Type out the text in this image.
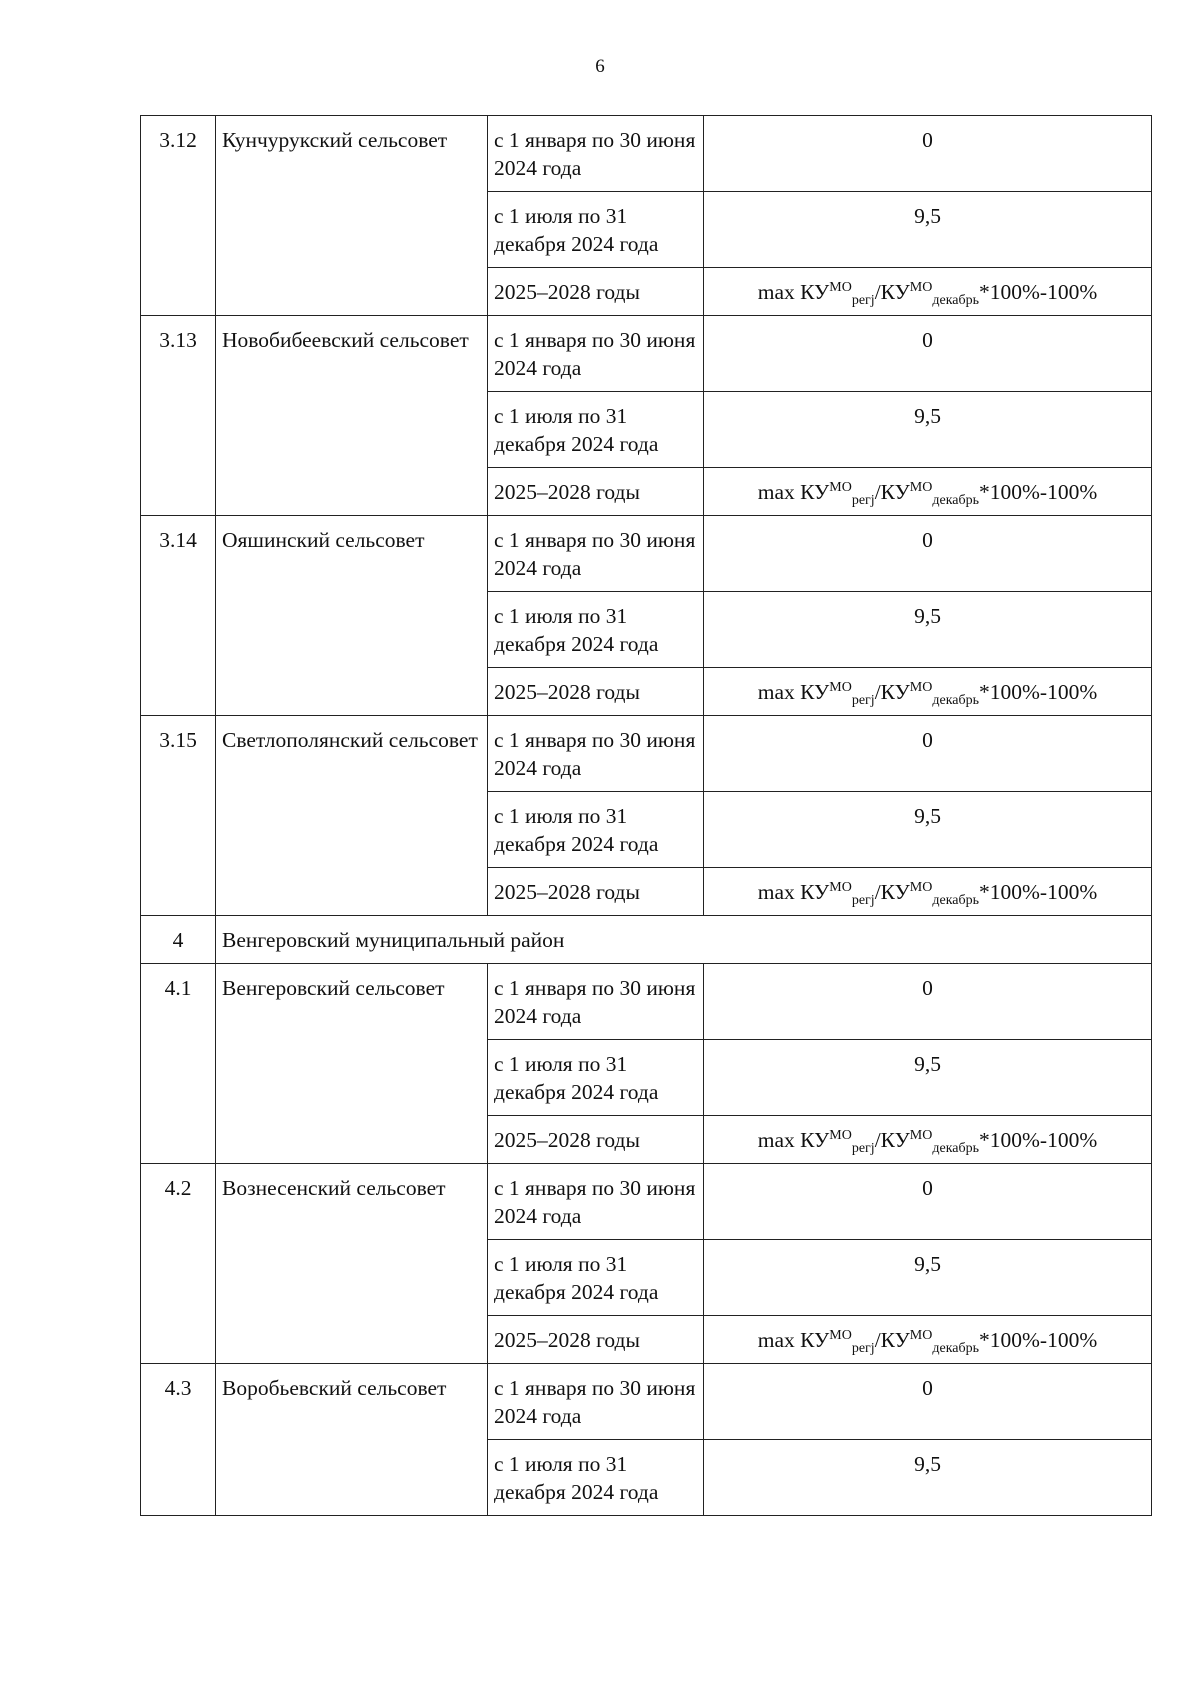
6
3.12	Кунчурукский сельсовет	с 1 января по 30 июня 2024 года	0
		с 1 июля по 31 декабря 2024 года	9,5
		2025–2028 годы	$\max КУ^{МО}_{регj}/КУ^{МО}_{декабрь}*100\%-100\%$
3.13	Новобибеевский сельсовет	с 1 января по 30 июня 2024 года	0
		с 1 июля по 31 декабря 2024 года	9,5
		2025–2028 годы	$\max КУ^{МО}_{регj}/КУ^{МО}_{декабрь}*100\%-100\%$
3.14	Ояшинский сельсовет	с 1 января по 30 июня 2024 года	0
		с 1 июля по 31 декабря 2024 года	9,5
		2025–2028 годы	$\max КУ^{МО}_{регj}/КУ^{МО}_{декабрь}*100\%-100\%$
3.15	Светлополянский сельсовет	с 1 января по 30 июня 2024 года	0
		с 1 июля по 31 декабря 2024 года	9,5
		2025–2028 годы	$\max КУ^{МО}_{регj}/КУ^{МО}_{декабрь}*100\%-100\%$
4	Венгеровский муниципальный район		
4.1	Венгеровский сельсовет	с 1 января по 30 июня 2024 года	0
		с 1 июля по 31 декабря 2024 года	9,5
		2025–2028 годы	$\max КУ^{МО}_{регj}/КУ^{МО}_{декабрь}*100\%-100\%$
4.2	Вознесенский сельсовет	с 1 января по 30 июня 2024 года	0
		с 1 июля по 31 декабря 2024 года	9,5
		2025–2028 годы	$\max КУ^{МО}_{регj}/КУ^{МО}_{декабрь}*100\%-100\%$
4.3	Воробьевский сельсовет	с 1 января по 30 июня 2024 года	0
		с 1 июля по 31 декабря 2024 года	9,5
